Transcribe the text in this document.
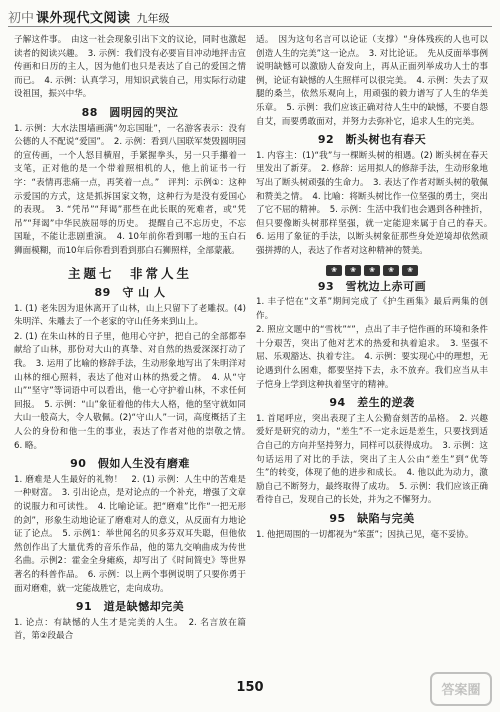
初中 课外现代文阅读 九年级

子解这件事。　由这一社会现象引出下文的议论，同时也激起读者的阅读兴趣。　3. 示例：我们没有必要盲目冲动地抨击宣传画和日历的主人，因为他们也只是表达了自己的爱国之情而已。　4. 示例：认真学习，用知识武装自己，用实际行动建设祖国，振兴中华。

88　圆明园的哭泣

1. 示例：大水法围墙画满“勿忘国耻”，一名游客表示：没有公德的人不配说“爱国”。　2. 示例：看到八国联军焚毁圆明园的宣传画，一个人怒目横眉，手紧握拳头，另一只手攥着一支笔，正对他的是一个带着照相机的人，他上前证书一行字：“表情再悲痛一点，再笑着一点。”　评判：示例①：这种示爱国的方式，这是抓拆国家文物，这种行为是没有爱国心的表现。　3. “凭吊”“拜谒”那些在此长眠的死难者，或“凭吊”“拜谒”中华民族屈辱的历史。　提醒自己不忘历史，不忘国耻，不能让悲剧重演。　4. 10年前你看到哪一地的玉白石狮面模糊，而10年后你看到看到那白石狮照样，全部蒙蔽。

主题七　非常人生
89　守 山 人

1. (1) 老朱因为退休离开了山林，山上只留下了老雕叔。(4) 朱明洋、朱雕去了一个老家的守山任务来到山上。

2. (1) 在朱山林的日子里，他用心守护，把自己的全部都奉献给了山林，那份对大山的真挚、对自然的热爱深深打动了我。　3. 运用了比喻的修辞手法，生动形象地写出了朱明洋对山林的细心照料，表达了他对山林的热爱之情。　4. 从“守山”“坚守”等词语中可以看出，他一心守护着山林，不求任何回报。　5. 示例：“山”象征着他的伟大人格，他的坚守就如同大山一般高大，令人敬佩。(2)“守山人”一词，高度概括了主人公的身份和他一生的事业，表达了作者对他的崇敬之情。　6. 略。

90　假如人生没有磨难

1. 磨难是人生最好的礼物！　2. (1) 示例：人生中的苦难是一种财富。　3. 引出论点，是对论点的一个补充，增强了文章的说服力和可读性。　4. 比喻论证。把“磨难”比作“一把无形的剑”，形象生动地论证了磨难对人的意义，从反面有力地论证了论点。　5. 示例1：举世闻名的贝多芬双耳失聪，但他依然创作出了大量优秀的音乐作品，他的第九交响曲成为传世名曲。示例2：霍金全身瘫痪，却写出了《时间简史》等世界著名的科普作品。　6. 示例：以上两个事例说明了只要你勇于面对磨难，就一定能战胜它，走向成功。

91　道是缺憾却完美

1. 论点：有缺憾的人生才是完美的人生。　2. 名言放在篇首，第②段最合

适。　因为这句名言可以论证（支撑）“身体残疾的人也可以创造人生的完美”这一论点。　3. 对比论证。　先从反面举事例说明缺憾可以激励人奋发向上，再从正面列举成功人士的事例，论证有缺憾的人生照样可以很完美。　4. 示例：失去了双腿的桑兰，依然乐观向上，用顽强的毅力谱写了人生的华美乐章。　5. 示例：我们应该正确对待人生中的缺憾，不要自怨自艾，而要勇敢面对，并努力去弥补它，追求人生的完美。

92　断头树也有春天

1. 内容主：(1)“我”与一棵断头树的相遇。(2) 断头树在春天里发出了新芽。　2. 修辞：运用拟人的修辞手法，生动形象地写出了断头树顽强的生命力。　3. 表达了作者对断头树的敬佩和赞美之情。　4. 比喻：将断头树比作一位坚强的勇士，突出了它不屈的精神。　5. 示例：生活中我们也会遇到各种挫折，但只要像断头树那样坚强，就一定能迎来属于自己的春天。　6. 运用了象征的手法，以断头树象征那些身处逆境却依然顽强拼搏的人，表达了作者对这种精神的赞美。

❀	❀	❀	❀	❀
93　雪枕边上赤可画

1. 丰子恺在“文革”期间完成了《护生画集》最后两集的创作。

2. 照应文题中的“雪枕”“”，点出了丰子恺作画的环境和条件十分艰苦，突出了他对艺术的热爱和执着追求。　3. 坚强不屈、乐观豁达、执着专注。　4. 示例：要实现心中的理想，无论遇到什么困难，都要坚持下去，永不放弃。我们应当从丰子恺身上学到这种执着坚守的精神。

94　差生的逆袭

1. 首尾呼应，突出表现了主人公勤奋刻苦的品格。　2. 兴趣爱好是研究的动力，“差生”不一定永远是差生，只要找到适合自己的方向并坚持努力，同样可以获得成功。　3. 示例：这句话运用了对比的手法，突出了主人公由“差生”到“优等生”的转变，体现了他的进步和成长。　4. 他以此为动力，激励自己不断努力，最终取得了成功。　5. 示例：我们应该正确看待自己，发现自己的长处，并为之不懈努力。

95　缺陷与完美

1. 他把周围的一切都视为“笨蛋”；因执己见，毫不妥协。

150	答案圈
